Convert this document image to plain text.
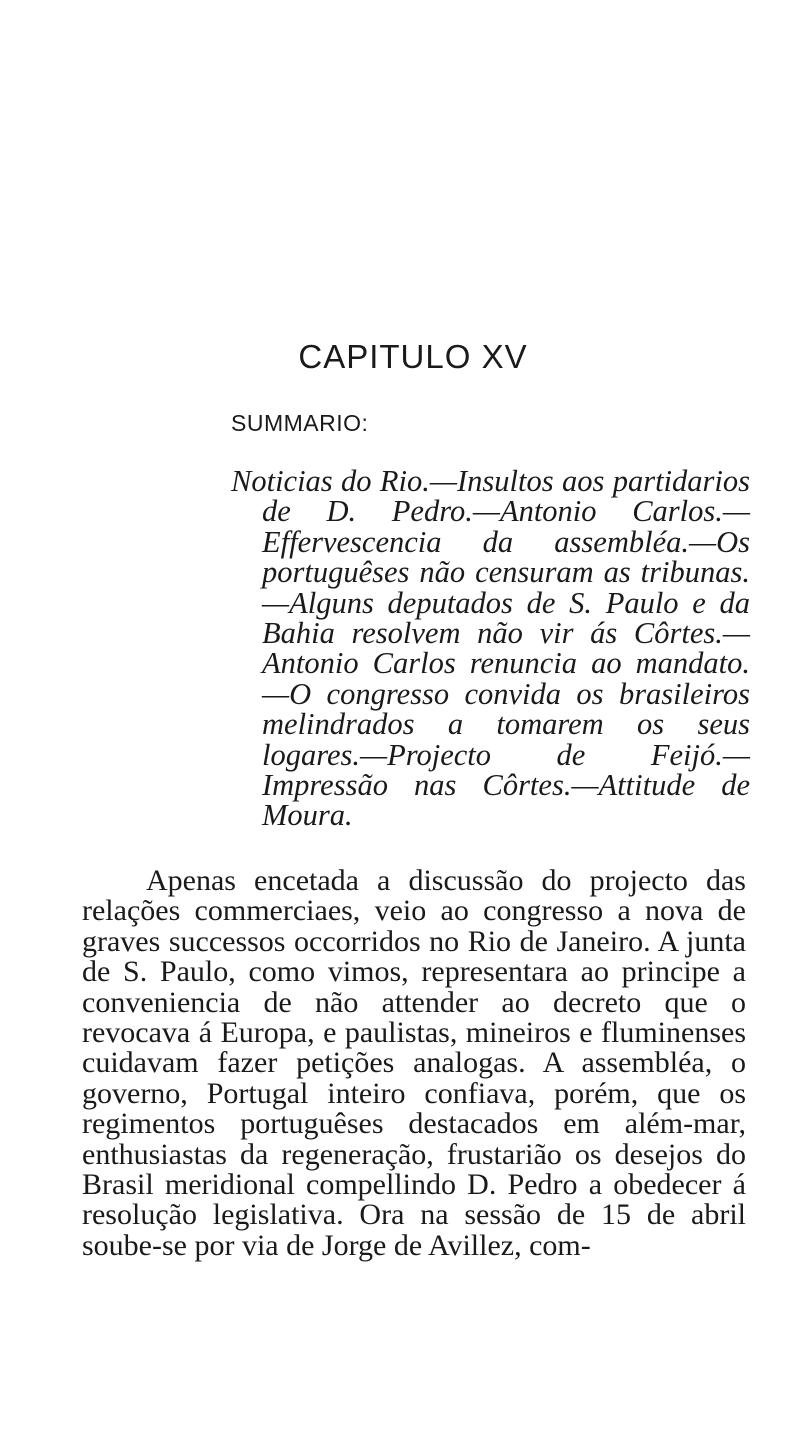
CAPITULO XV

SUMMARIO:

Noticias do Rio.—Insultos aos partidarios de D. Pedro.—Antonio Carlos.—Effervescencia da assembléa.—Os portuguêses não censuram as tribunas.—Alguns deputados de S. Paulo e da Bahia resolvem não vir ás Côrtes.—Antonio Carlos renuncia ao mandato.—O congresso convida os brasileiros melindrados a tomarem os seus logares.—Projecto de Feijó.—Impressão nas Côrtes.—Attitude de Moura.

Apenas encetada a discussão do projecto das relações commerciaes, veio ao congresso a nova de graves successos occorridos no Rio de Janeiro. A junta de S. Paulo, como vimos, representara ao principe a conveniencia de não attender ao decreto que o revocava á Europa, e paulistas, mineiros e fluminenses cuidavam fazer petições analogas. A assembléa, o governo, Portugal inteiro confiava, porém, que os regimentos portuguêses destacados em além-mar, enthusiastas da regeneração, frustarião os desejos do Brasil meridional compellindo D. Pedro a obedecer á resolução legislativa. Ora na sessão de 15 de abril soube-se por via de Jorge de Avillez, com-
